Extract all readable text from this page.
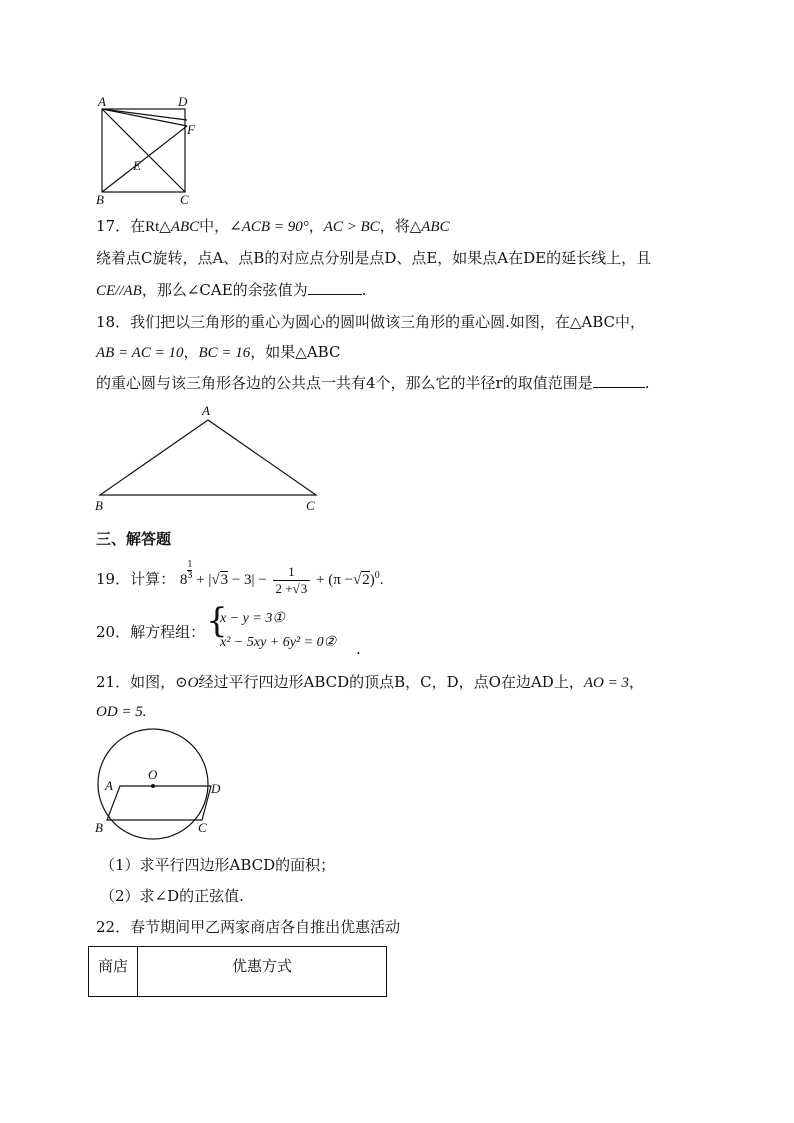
A	D
F
E
B	C
17．在Rt△ABC中，∠ACB = 90°，AC > BC，将△ABC
绕着点C旋转，点A、点B的对应点分别是点D、点E，如果点A在DE的延长线上，且
CE//AB，那么∠CAE的余弦值为	.
18．我们把以三角形的重心为圆心的圆叫做该三角形的重心圆.如图，在△ABC中，
AB = AC = 10，BC = 16，如果△ABC
的重心圆与该三角形各边的公共点一共有4个，那么它的半径r的取值范围是	.
A
B	C
三、解答题
19．计算： 8 $^{\frac{1}{3}} + |√3 - 3| - \frac{1}{2 +√3} + (\pi -√2)^0$.
20．解方程组： {
x − y = 3①
x² − 5xy + 6y² = 0② .
21．如图，⊙O经过平行四边形ABCD的顶点B，C，D，点O在边AD上，AO = 3，
OD = 5.
O
A	D
B	C
（1）求平行四边形ABCD的面积；
（2）求∠D的正弦值.
22．春节期间甲乙两家商店各自推出优惠活动
商店	优惠方式
